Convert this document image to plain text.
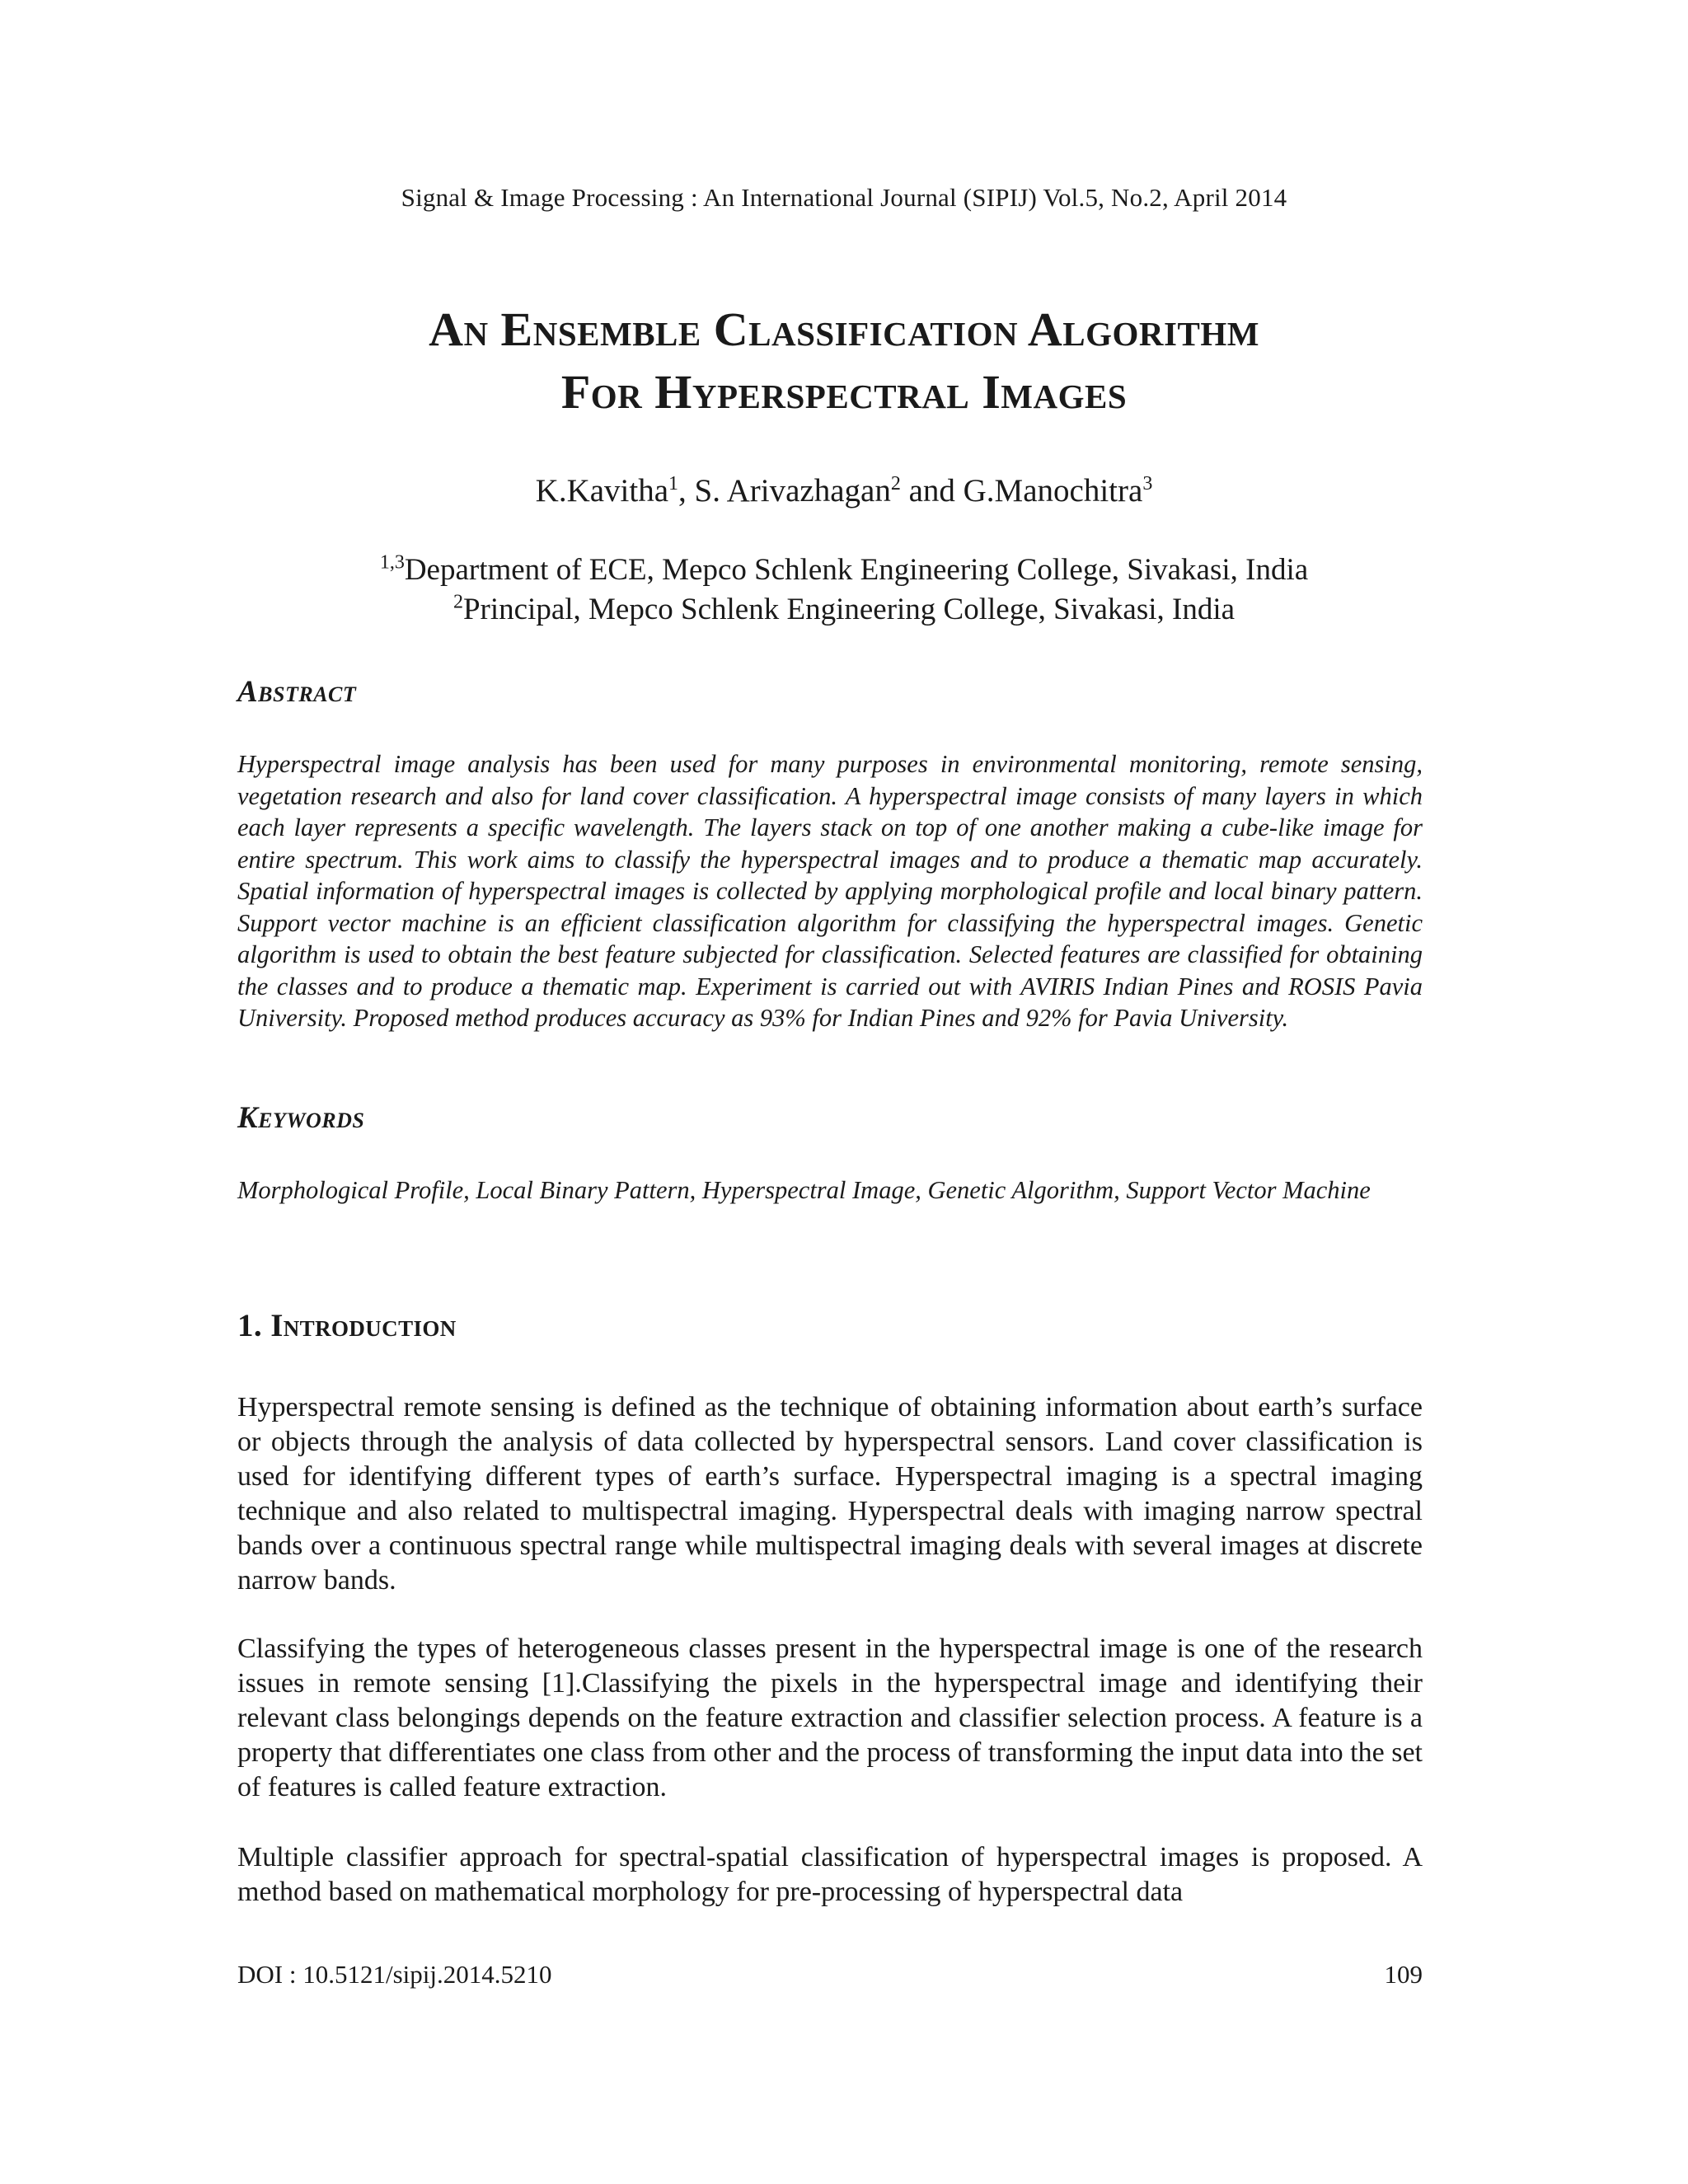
Signal & Image Processing : An International Journal (SIPIJ) Vol.5, No.2, April 2014
An Ensemble Classification Algorithm
For Hyperspectral Images
K.Kavitha$^1$, S. Arivazhagan$^2$ and G.Manochitra$^3$
$^{1,3}$Department of ECE, Mepco Schlenk Engineering College, Sivakasi, India
$^2$Principal, Mepco Schlenk Engineering College, Sivakasi, India
Abstract
Hyperspectral image analysis has been used for many purposes in environmental monitoring, remote sensing, vegetation research and also for land cover classification. A hyperspectral image consists of many layers in which each layer represents a specific wavelength. The layers stack on top of one another making a cube-like image for entire spectrum. This work aims to classify the hyperspectral images and to produce a thematic map accurately. Spatial information of hyperspectral images is collected by applying morphological profile and local binary pattern. Support vector machine is an efficient classification algorithm for classifying the hyperspectral images. Genetic algorithm is used to obtain the best feature subjected for classification. Selected features are classified for obtaining the classes and to produce a thematic map. Experiment is carried out with AVIRIS Indian Pines and ROSIS Pavia University. Proposed method produces accuracy as 93% for Indian Pines and 92% for Pavia University.
Keywords
Morphological Profile, Local Binary Pattern, Hyperspectral Image, Genetic Algorithm, Support Vector Machine
1. Introduction
Hyperspectral remote sensing is defined as the technique of obtaining information about earth’s surface or objects through the analysis of data collected by hyperspectral sensors. Land cover classification is used for identifying different types of earth’s surface. Hyperspectral imaging is a spectral imaging technique and also related to multispectral imaging. Hyperspectral deals with imaging narrow spectral bands over a continuous spectral range while multispectral imaging deals with several images at discrete narrow bands.
Classifying the types of heterogeneous classes present in the hyperspectral image is one of the research issues in remote sensing [1].Classifying the pixels in the hyperspectral image and identifying their relevant class belongings depends on the feature extraction and classifier selection process. A feature is a property that differentiates one class from other and the process of transforming the input data into the set of features is called feature extraction.
Multiple classifier approach for spectral-spatial classification of hyperspectral images is proposed. A method based on mathematical morphology for pre-processing of hyperspectral data
DOI : 10.5121/sipij.2014.5210	109
